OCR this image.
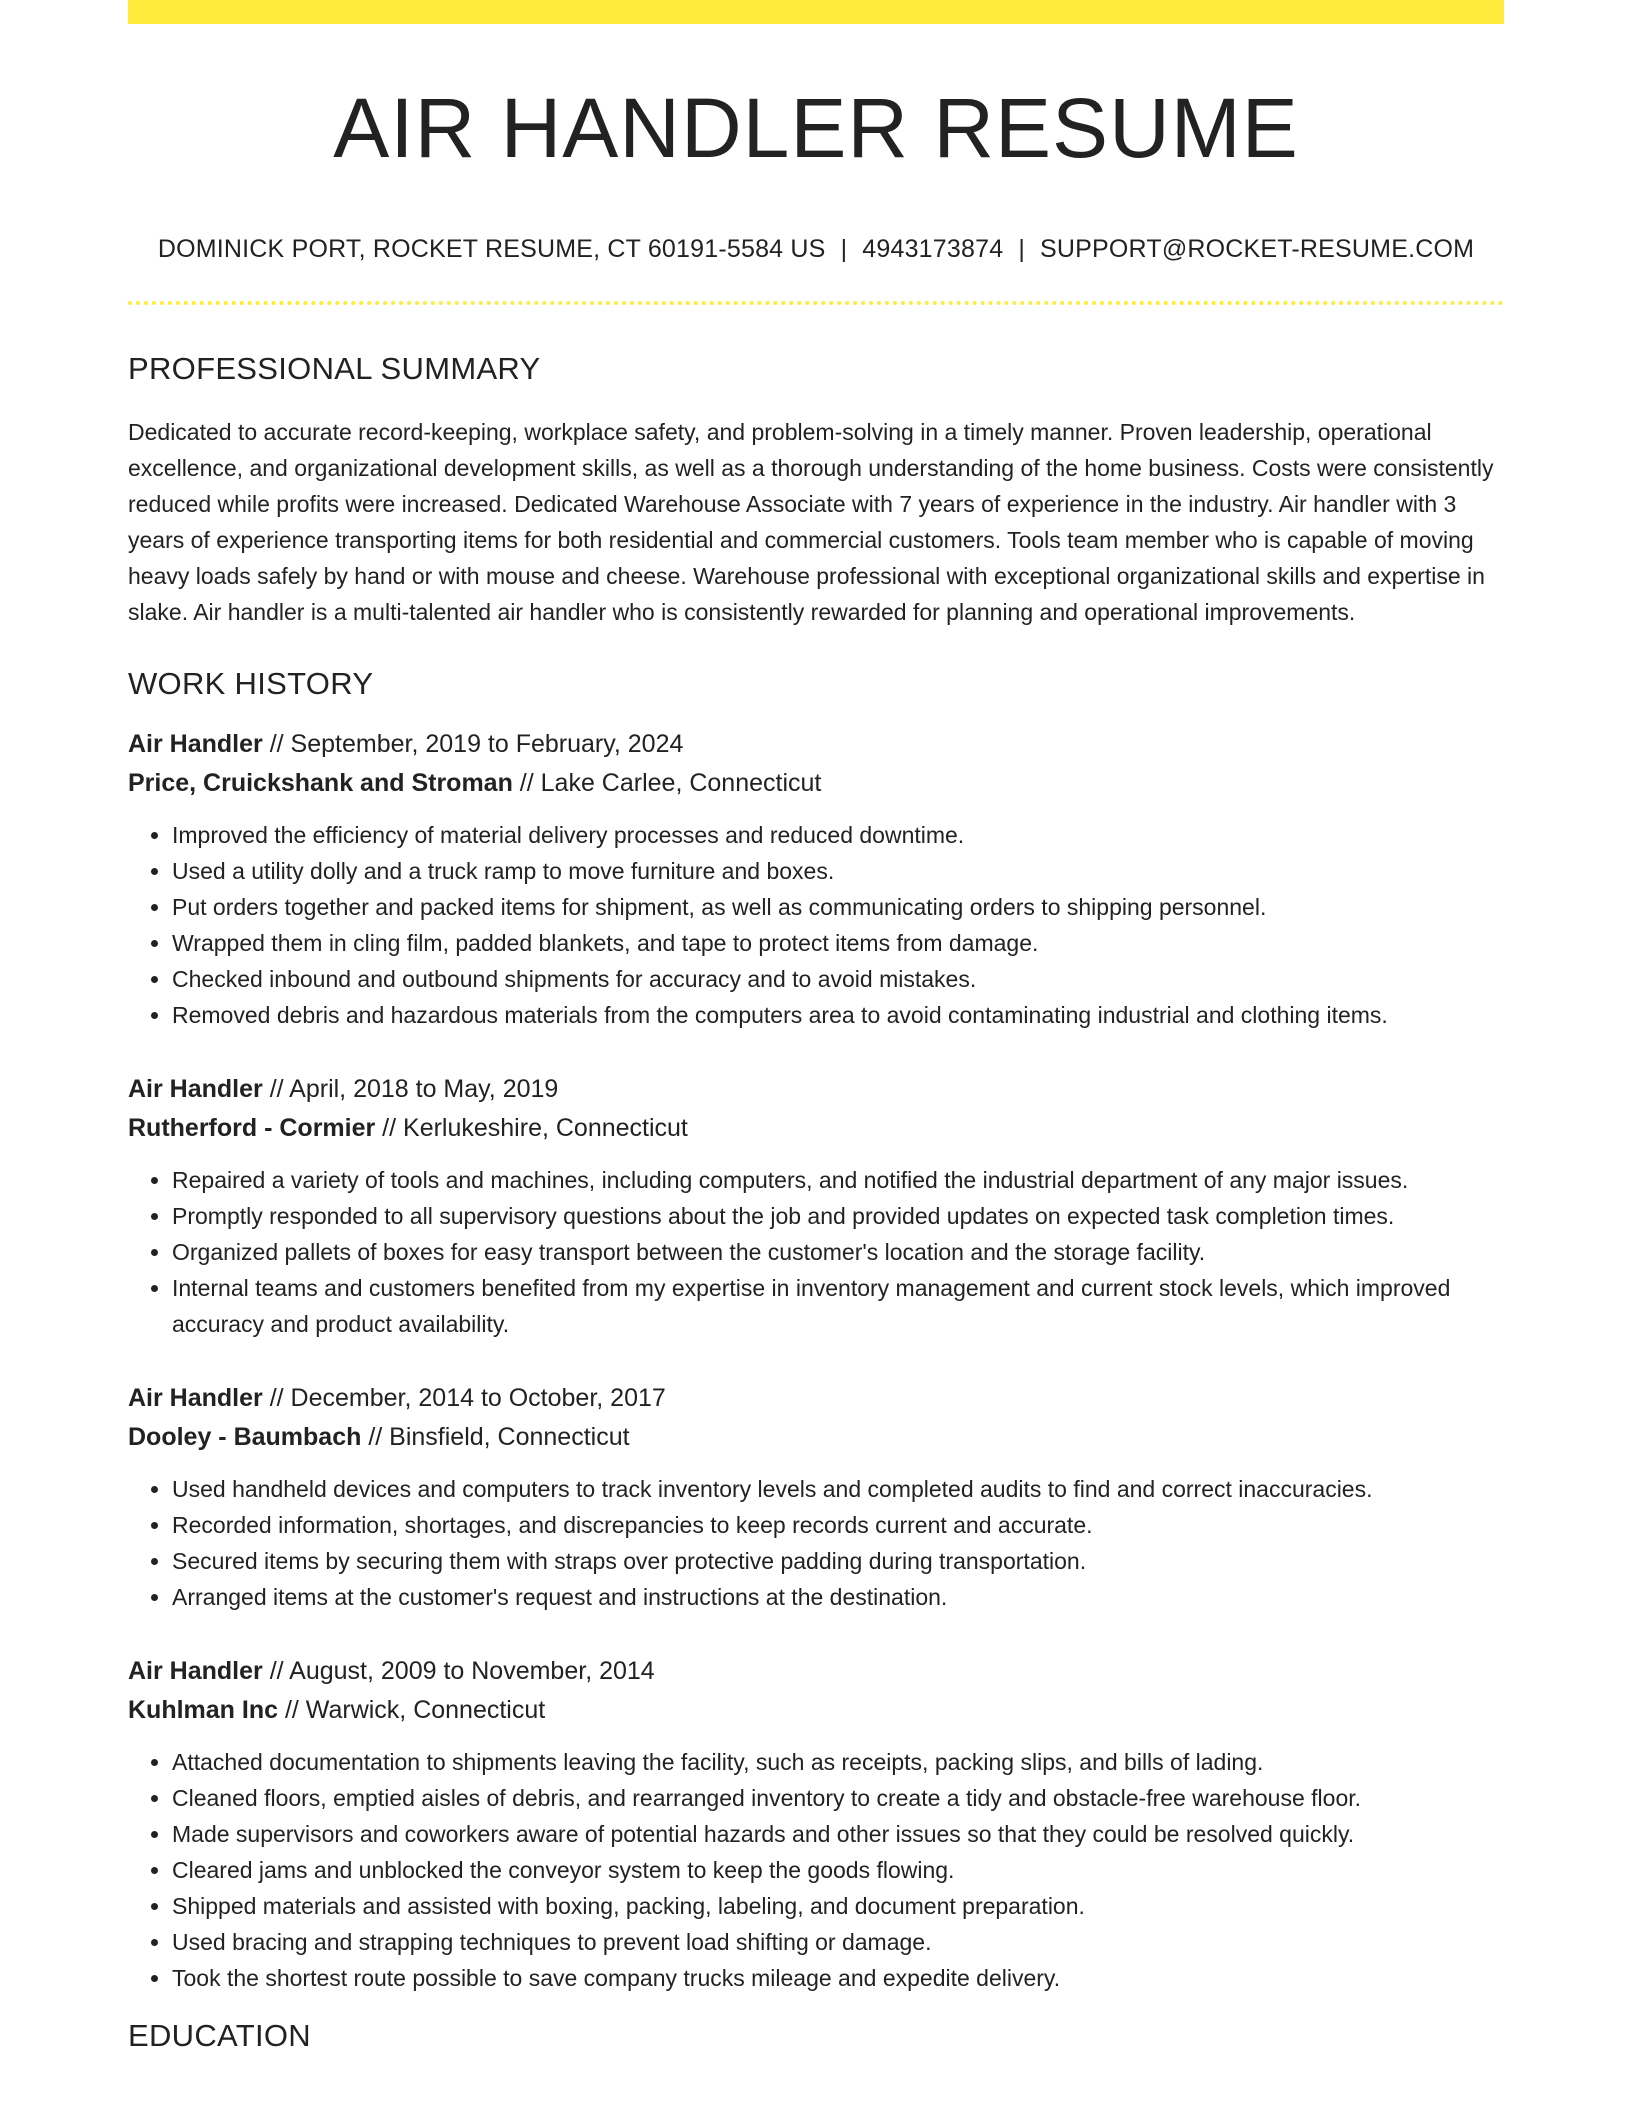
AIR HANDLER RESUME
DOMINICK PORT, ROCKET RESUME, CT 60191-5584 US | 4943173874 | SUPPORT@ROCKET-RESUME.COM
PROFESSIONAL SUMMARY

Dedicated to accurate record-keeping, workplace safety, and problem-solving in a timely manner. Proven leadership, operational excellence, and organizational development skills, as well as a thorough understanding of the home business. Costs were consistently reduced while profits were increased. Dedicated Warehouse Associate with 7 years of experience in the industry. Air handler with 3 years of experience transporting items for both residential and commercial customers. Tools team member who is capable of moving heavy loads safely by hand or with mouse and cheese. Warehouse professional with exceptional organizational skills and expertise in slake. Air handler is a multi-talented air handler who is consistently rewarded for planning and operational improvements.

WORK HISTORY

Air Handler // September, 2019 to February, 2024

Price, Cruickshank and Stroman // Lake Carlee, Connecticut

• Improved the efficiency of material delivery processes and reduced downtime.
• Used a utility dolly and a truck ramp to move furniture and boxes.
• Put orders together and packed items for shipment, as well as communicating orders to shipping personnel.
• Wrapped them in cling film, padded blankets, and tape to protect items from damage.
• Checked inbound and outbound shipments for accuracy and to avoid mistakes.
• Removed debris and hazardous materials from the computers area to avoid contaminating industrial and clothing items.

Air Handler // April, 2018 to May, 2019

Rutherford - Cormier // Kerlukeshire, Connecticut

• Repaired a variety of tools and machines, including computers, and notified the industrial department of any major issues.
• Promptly responded to all supervisory questions about the job and provided updates on expected task completion times.
• Organized pallets of boxes for easy transport between the customer's location and the storage facility.
• Internal teams and customers benefited from my expertise in inventory management and current stock levels, which improved accuracy and product availability.

Air Handler // December, 2014 to October, 2017

Dooley - Baumbach // Binsfield, Connecticut

• Used handheld devices and computers to track inventory levels and completed audits to find and correct inaccuracies.
• Recorded information, shortages, and discrepancies to keep records current and accurate.
• Secured items by securing them with straps over protective padding during transportation.
• Arranged items at the customer's request and instructions at the destination.

Air Handler // August, 2009 to November, 2014

Kuhlman Inc // Warwick, Connecticut

• Attached documentation to shipments leaving the facility, such as receipts, packing slips, and bills of lading.
• Cleaned floors, emptied aisles of debris, and rearranged inventory to create a tidy and obstacle-free warehouse floor.
• Made supervisors and coworkers aware of potential hazards and other issues so that they could be resolved quickly.
• Cleared jams and unblocked the conveyor system to keep the goods flowing.
• Shipped materials and assisted with boxing, packing, labeling, and document preparation.
• Used bracing and strapping techniques to prevent load shifting or damage.
• Took the shortest route possible to save company trucks mileage and expedite delivery.
EDUCATION
